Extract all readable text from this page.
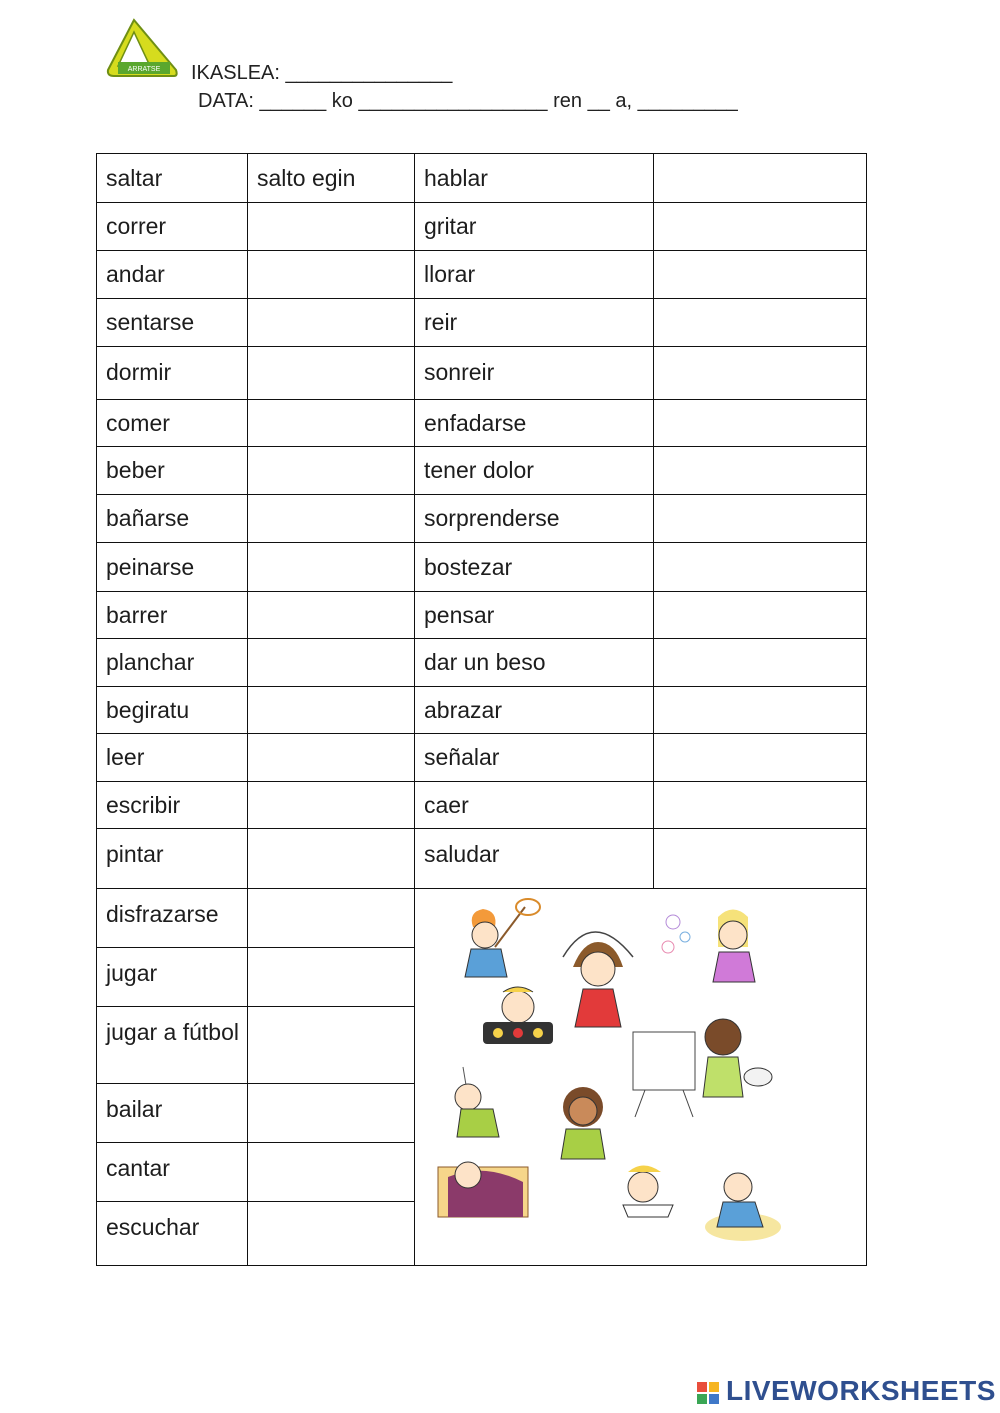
ARRATSE IKASLEA: _______________
DATA: ______ ko _________________ ren __ a, _________
saltar	salto egin	hablar	
correr		gritar	
andar		llorar	
sentarse		reir	
dormir		sonreir	
comer		enfadarse	
beber		tener dolor	
bañarse		sorprenderse	
peinarse		bostezar	
barrer		pensar	
planchar		dar un beso	
begiratu		abrazar	
leer		señalar	
escribir		caer	
pintar		saludar	
disfrazarse		

jugar			
jugar a fútbol			
bailar			
cantar			
escuchar			
LIVEWORKSHEETS
